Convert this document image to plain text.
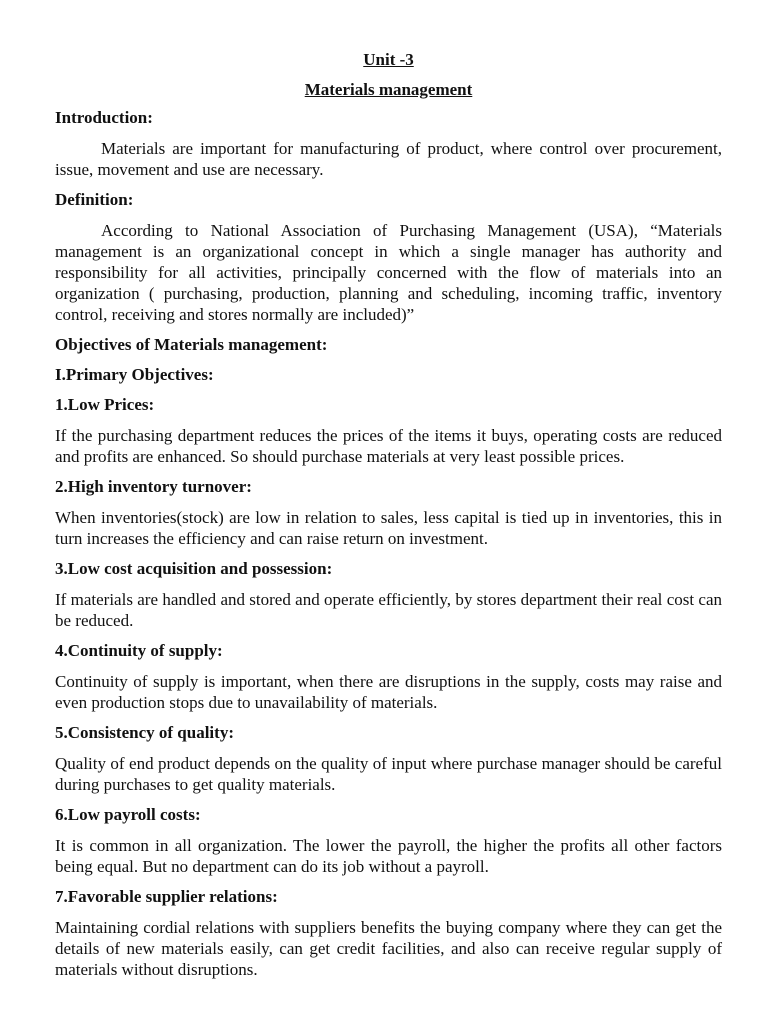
Unit -3
Materials management
Introduction:
Materials are important for manufacturing of product, where control over procurement, issue, movement and use are necessary.
Definition:
According to National Association of Purchasing Management (USA), “Materials management is an organizational concept in which a single manager has authority and responsibility for all activities, principally concerned with the flow of materials into an organization ( purchasing, production, planning and scheduling, incoming traffic, inventory control, receiving and stores normally are included)”
Objectives of Materials management:
I.Primary Objectives:
1.Low Prices:
If the purchasing department reduces the prices of the items it buys, operating costs are reduced and profits are enhanced. So should purchase materials at very least possible prices.
2.High inventory turnover:
When inventories(stock) are low in relation to sales, less capital is tied up in inventories, this in turn increases the efficiency and can raise return on investment.
3.Low cost acquisition and possession:
If materials are handled and stored and operate efficiently, by stores department their real cost can be reduced.
4.Continuity of supply:
Continuity of supply is important, when there are disruptions in the supply, costs may raise and even production stops due to unavailability of materials.
5.Consistency of quality:
Quality of end product depends on the quality of input where purchase manager should be careful during purchases to get quality materials.
6.Low payroll costs:
It is common in all organization. The lower the payroll, the higher the profits all other factors being equal. But no department can do its job without a payroll.
7.Favorable supplier relations:
Maintaining cordial relations with suppliers benefits the buying company where they can get the details of new materials easily, can get credit facilities, and also can receive regular supply of materials without disruptions.
